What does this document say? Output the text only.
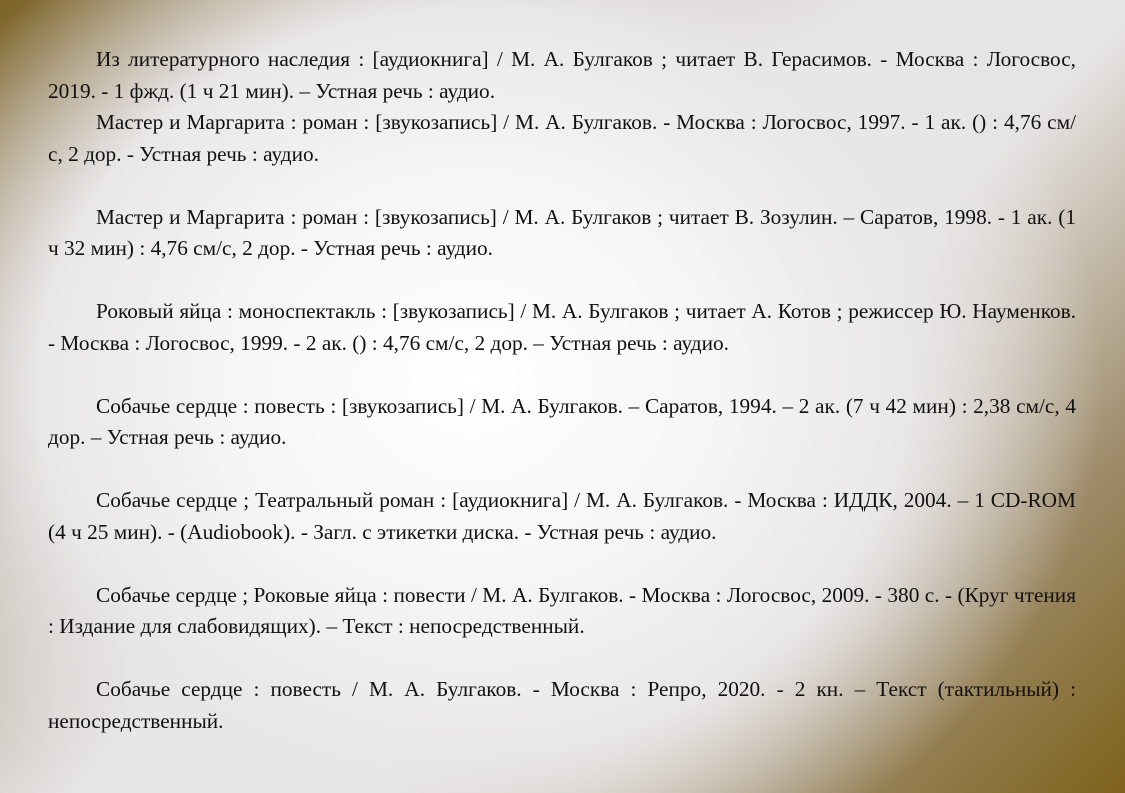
Из литературного наследия : [аудиокнига] / М. А. Булгаков ; читает В. Герасимов. - Москва : Логосвос, 2019. - 1 фжд. (1 ч 21 мин). – Устная речь : аудио.

Мастер и Маргарита : роман : [звукозапись] / М. А. Булгаков. - Москва : Логосвос, 1997. - 1 ак. () : 4,76 см/с, 2 дор. - Устная речь : аудио.

Мастер и Маргарита : роман : [звукозапись] / М. А. Булгаков ; читает В. Зозулин. – Саратов, 1998. - 1 ак. (1 ч 32 мин) : 4,76 см/с, 2 дор. - Устная речь : аудио.

Роковый яйца : моноспектакль : [звукозапись] / М. А. Булгаков ; читает А. Котов ; режиссер Ю. Науменков. - Москва : Логосвос, 1999. - 2 ак. () : 4,76 см/с, 2 дор. – Устная речь : аудио.

Собачье сердце : повесть : [звукозапись] / М. А. Булгаков. – Саратов, 1994. – 2 ак. (7 ч 42 мин) : 2,38 см/с, 4 дор. – Устная речь : аудио.

Собачье сердце ; Театральный роман : [аудиокнига] / М. А. Булгаков. - Москва : ИДДК, 2004. – 1 CD-ROM (4 ч 25 мин). - (Audiobook). - Загл. с этикетки диска. - Устная речь : аудио.

Собачье сердце ; Роковые яйца : повести / М. А. Булгаков. - Москва : Логосвос, 2009. - 380 с. - (Круг чтения : Издание для слабовидящих). – Текст : непосредственный.

Собачье сердце : повесть / М. А. Булгаков. - Москва : Репро, 2020. - 2 кн. – Текст (тактильный) : непосредственный.
